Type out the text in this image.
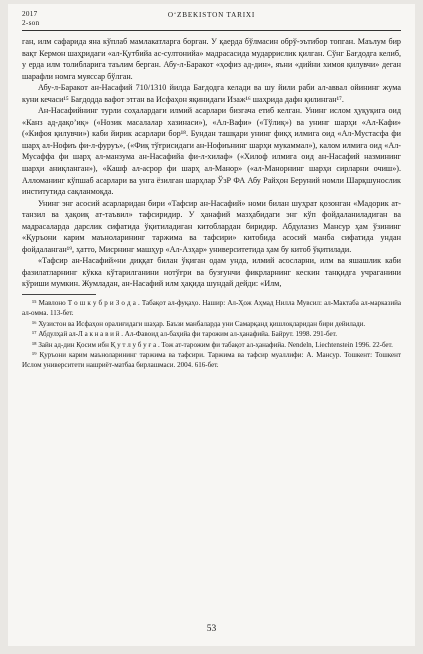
2017
2-son
O‘ZBEKISTON TARIXI

ган, илм сафарида яна кўплаб мамлакатларга борган. У қаерда бўлмасин обрў-эътибор топган. Маълум бир вақт Кермон шаҳридаги «ал-Қутбийа ас-султонийа» мадрасасида мударрислик қилган. Сўнг Бағдодга келиб, у ерда илм толибларига таълим берган. Абу-л-Баракот «ҳофиз ад-дин», яъни «дийни химоя қилувчи» деган шарафли номга муяссар бўлган.

Абу-л-Баракот ан-Насафий 710/1310 йилда Бағдодга келади ва шу йили раби ал-аввал ойининг жума куни кечаси¹⁵ Бағдодда вафот этган ва Исфаҳон яқинидаги Изаж¹⁶ шаҳрида дафн қилинган¹⁷.

Ан-Насафийнинг турли соҳалардаги илмий асарлари бизгача етиб келган. Унинг ислом ҳуқуқига оид «Канз ад-дақо’иқ» («Нозик масалалар хазинаси»), «Ал-Вафи» («Тўлиқ») ва унинг шарҳи «Ал-Кафи» («Кифоя қилувчи») каби йирик асарлари бор¹⁸. Бундан ташқари унинг фиқҳ илмига оид «Ал-Мустасфа фи шарҳ ал-Нофиъ фи-л-фуруъ», («Фиқ тўғрисидаги ан-Нофиънинг шарҳи мукаммал»), калом илмига оид «Ал-Мусаффа фи шарҳ ал-манзума ан-Насафийа фи-л-хилаф» («Хилоф илмига оид ан-Насафий назмининг шарҳи аниқланган»), «Кашф ал-асрор фи шарҳ ал-Манор» («ал-Манорнинг шарҳи сирларни очиш»). Алломанинг кўпшаб асарлари ва унга ёзилган шарҳлар ЎзР ФА Абу Райҳон Беруний номли Шарқшунослик институтида сақланмоқда.

Унинг энг асосий асарларидан бири «Тафсир ан-Насафий» номи билан шуҳрат қозонган «Мадорик ат-танзил ва ҳақоиқ ат-таъвил» тафсиридир. У ҳанафий мазҳабидаги энг кўп фойдаланиладиган ва мадрасаларда дарслик сифатида ўқитиладиган китоблардан биридир. Абдулазиз Мансур ҳам ўзининг «Қуръони карим маъноларининг таржима ва тафсири» китобида асосий манба сифатида ундан фойдаланган¹⁹, ҳатто, Мисрнинг машҳур «Ал-Азҳар» университетида ҳам бу китоб ўқитилади.

«Тафсир ан-Насафий»ни диққат билан ўқиган одам унда, илмий асосларни, илм ва яшашлик каби фазилатларнинг кўкка кўтарилганини нотўғри ва бузғунчи фикрларнинг кескин танқидга учраганини кўриши мумкин. Жумладан, ан-Насафий илм ҳақида шундай дейди: «Илм,

¹⁵ Мавлоно Т о ш к у б р и З о д а . Табақот ал-фуқаҳо. Нашир: Ал-Ҳож Аҳмад Нилла Мувсил: ал-Мактаба ал-марказийа ал-омма. 113-бет.

¹⁶ Хузистон ва Исфаҳон оралиғидаги шаҳар. Баъзи манбаларда уни Самарқанд қишлоқларидан бири дейилади.

¹⁷ Абдулҳай ал-Л а к н а в и й . Ал-Фавоид ал-баҳийа фи тарожим ал-ҳанафийа. Байрут. 1998. 291-бет.

¹⁸ Зайн ад-дин Қосим ибн Қ у т л у б у ғ а . Тож ат-тарожим фи табақот ал-ҳанафийа. Nendeln, Liechtenstein 1996. 22-бет.

¹⁹ Қуръони карим маъноларининг таржима ва тафсири. Таржима ва тафсир муаллифи: А. Мансур. Тошкент: Тошкент Ислом университети нашриёт-матбаа бирлашмаси. 2004. 616-бет.

53
